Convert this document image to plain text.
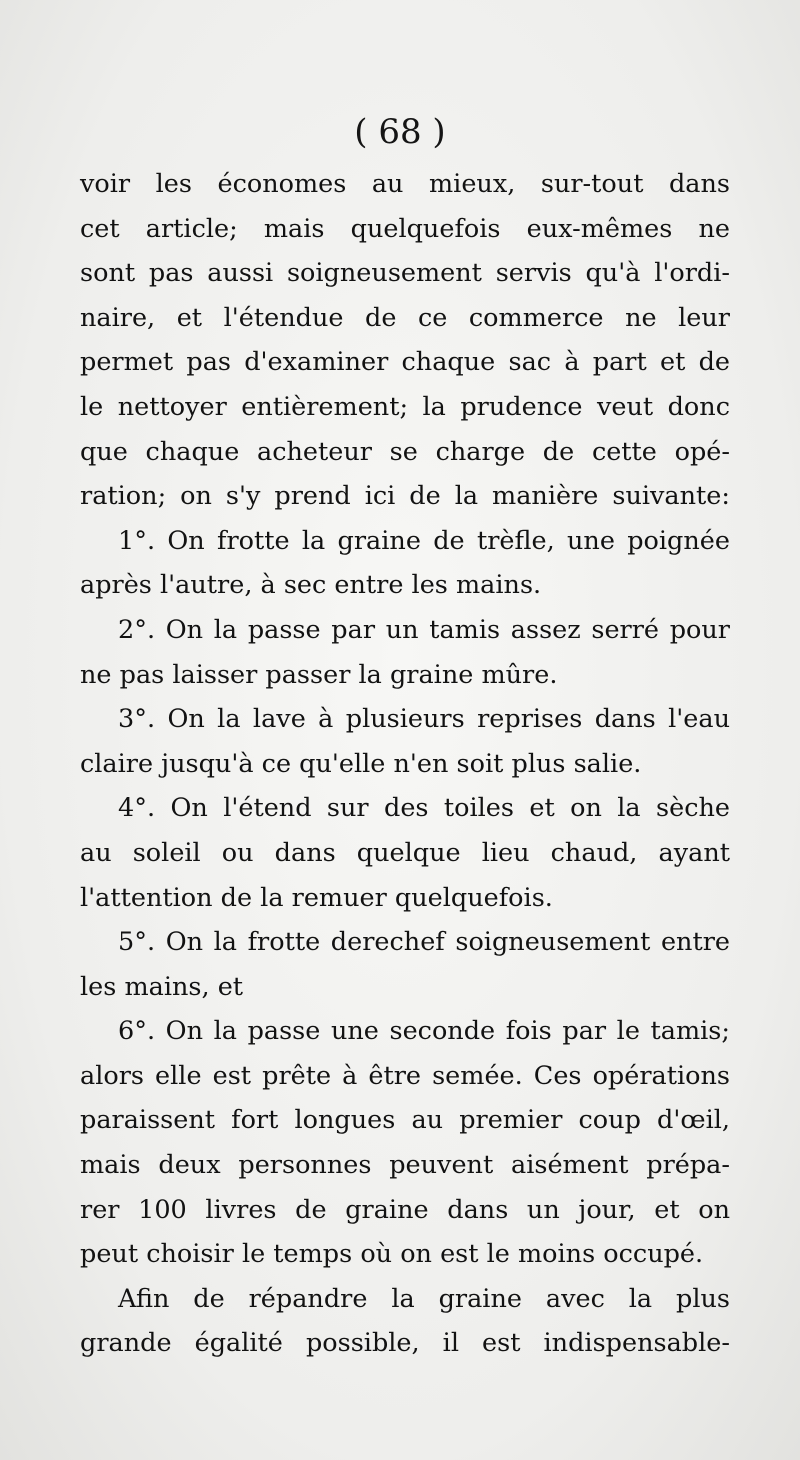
( 68 )
voir les économes au mieux, sur-tout dans
cet article; mais quelquefois eux-mêmes ne
sont pas aussi soigneusement servis qu'à l'ordi-
naire, et l'étendue de ce commerce ne leur
permet pas d'examiner chaque sac à part et de
le nettoyer entièrement; la prudence veut donc
que chaque acheteur se charge de cette opé-
ration; on s'y prend ici de la manière suivante:
1°. On frotte la graine de trèfle, une poignée
après l'autre, à sec entre les mains.
2°. On la passe par un tamis assez serré pour
ne pas laisser passer la graine mûre.
3°. On la lave à plusieurs reprises dans l'eau
claire jusqu'à ce qu'elle n'en soit plus salie.
4°. On l'étend sur des toiles et on la sèche
au soleil ou dans quelque lieu chaud, ayant
l'attention de la remuer quelquefois.
5°. On la frotte derechef soigneusement entre
les mains, et
6°. On la passe une seconde fois par le tamis;
alors elle est prête à être semée. Ces opérations
paraissent fort longues au premier coup d'œil,
mais deux personnes peuvent aisément prépa-
rer 100 livres de graine dans un jour, et on
peut choisir le temps où on est le moins occupé.
Afin de répandre la graine avec la plus
grande égalité possible, il est indispensable-
